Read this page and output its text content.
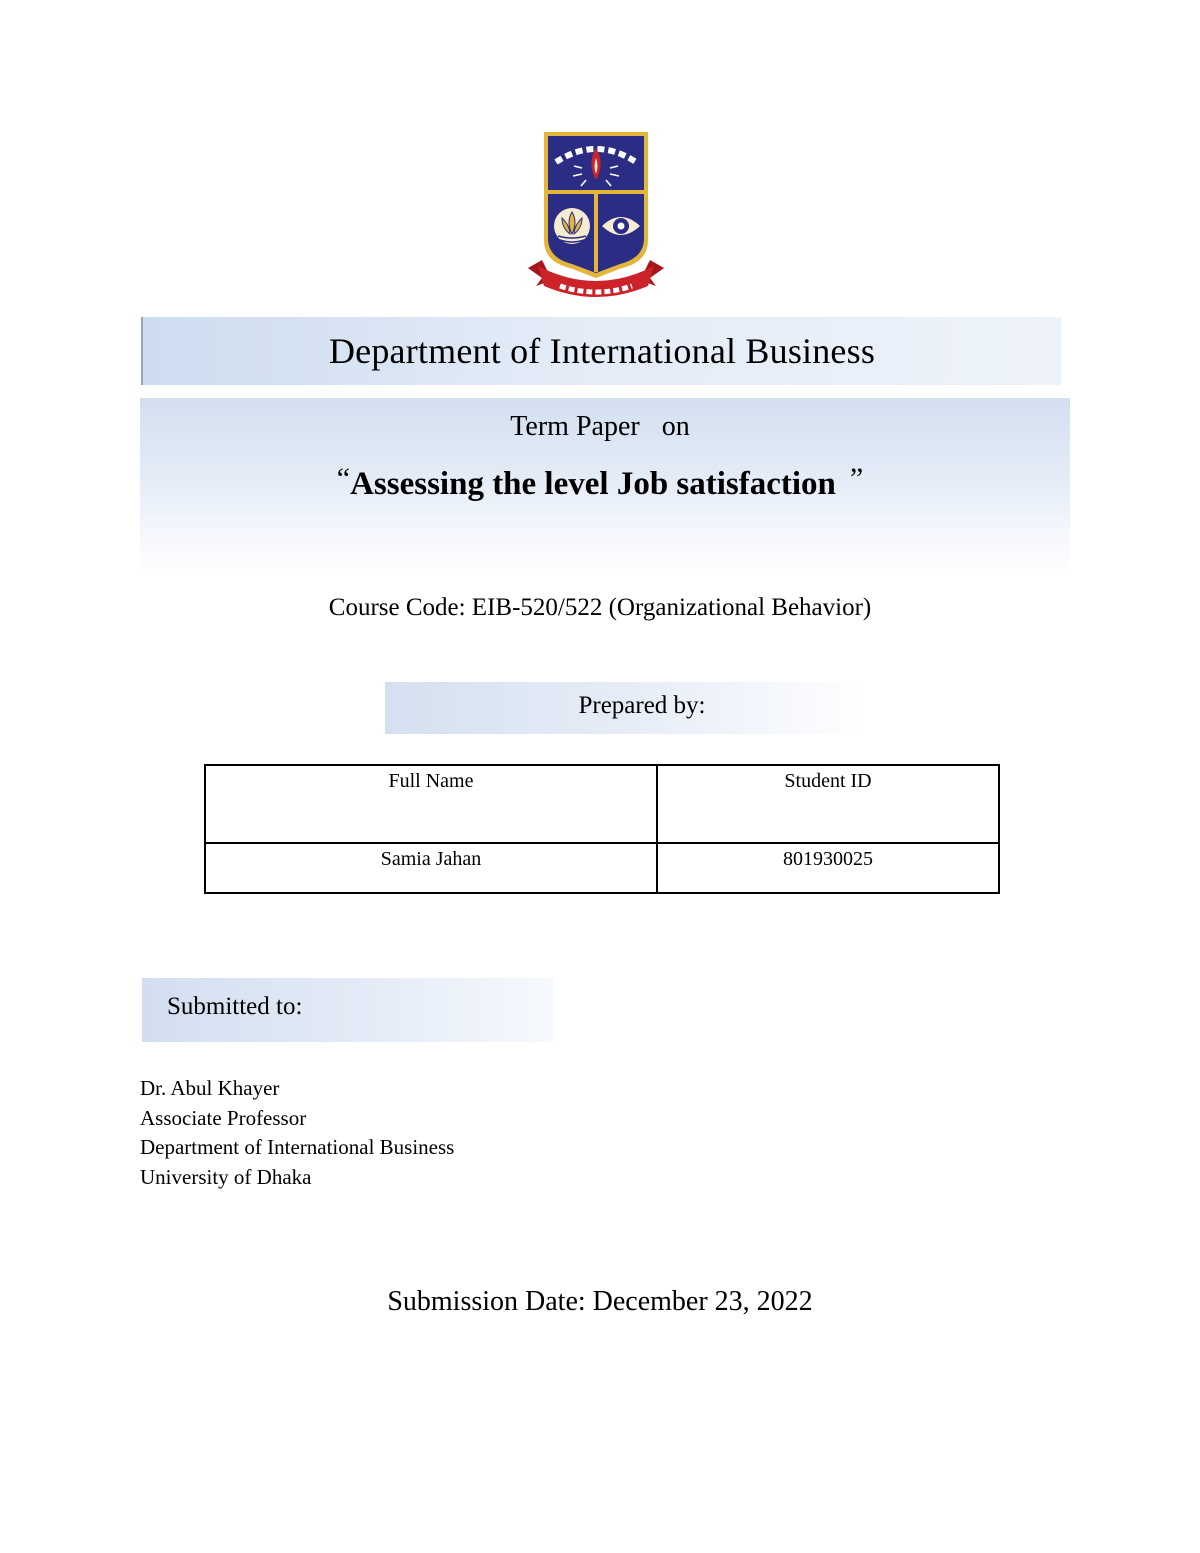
Department of International Business
Term Paper on
“Assessing the level Job satisfaction ”
Course Code: EIB-520/522 (Organizational Behavior)
Prepared by:
Full Name	Student ID
Samia Jahan	801930025
Submitted to:
Dr. Abul Khayer
Associate Professor
Department of International Business
University of Dhaka
Submission Date: December 23, 2022
